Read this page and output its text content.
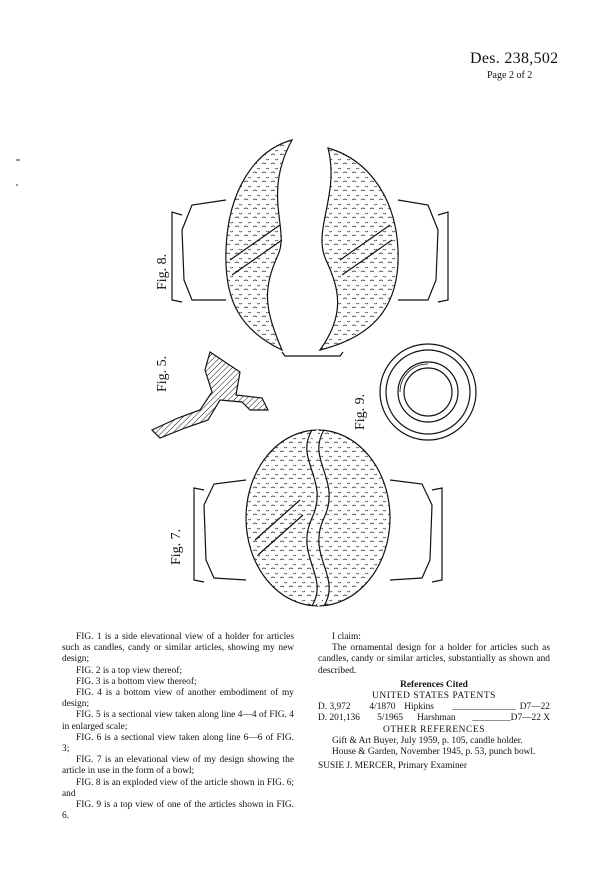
Des. 238,502
Page 2 of 2
Fig. 8.
Fig. 5.
Fig. 9.
Fig. 7.

FIG. 1 is a side elevational view of a holder for articles such as candles, candy or similar articles, showing my new design;

FIG. 2 is a top view thereof;

FIG. 3 is a bottom view thereof;

FIG. 4 is a bottom view of another embodiment of my design;

FIG. 5 is a sectional view taken along line 4—4 of FIG. 4 in enlarged scale;

FIG. 6 is a sectional view taken along line 6—6 of FIG. 3;

FIG. 7 is an elevational view of my design showing the article in use in the form of a bowl;

FIG. 8 is an exploded view of the article shown in FIG. 6; and

FIG. 9 is a top view of one of the articles shown in FIG. 6.

I claim:

The ornamental design for a holder for articles such as candles, candy or similar articles, substantially as shown and described.

References Cited

UNITED STATES PATENTS

D. 3,972	4/1870 Hipkins	_______________ D7—22
D. 201,136	5/1965	Harshman	_________ D7—22 X

OTHER REFERENCES

Gift & Art Buyer, July 1959, p. 105, candle holder.

House & Garden, November 1945, p. 53, punch bowl.

SUSIE J. MERCER, Primary Examiner
